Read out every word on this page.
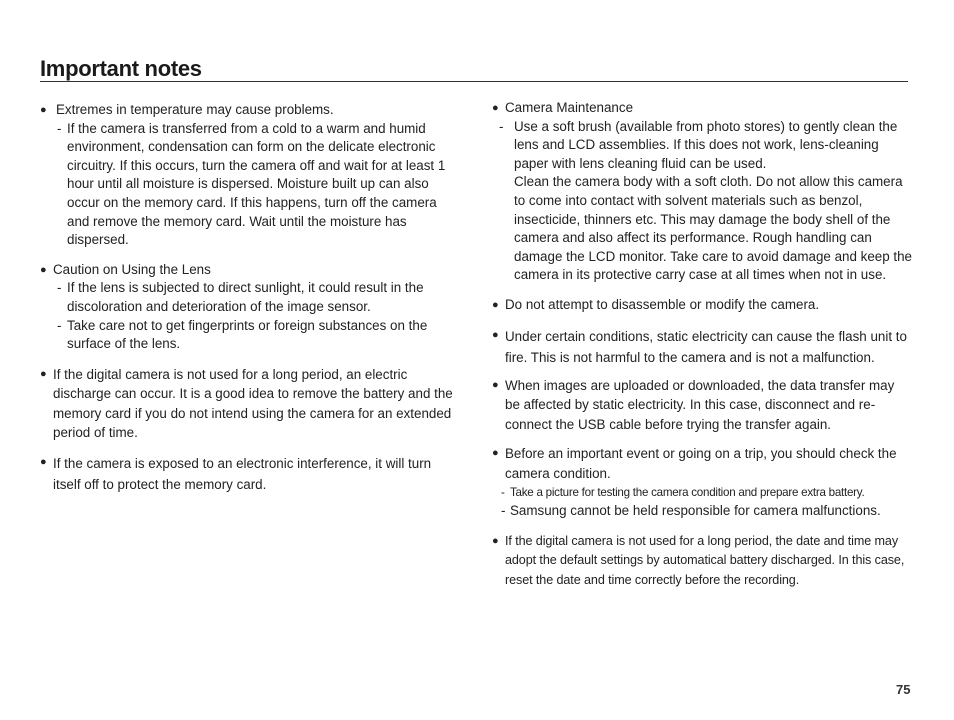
Important notes
● Extremes in temperature may cause problems.
- If the camera is transferred from a cold to a warm and humid environment, condensation can form on the delicate electronic circuitry. If this occurs, turn the camera off and wait for at least 1 hour until all moisture is dispersed. Moisture built up can also occur on the memory card. If this happens, turn off the camera and remove the memory card. Wait until the moisture has dispersed.
● Caution on Using the Lens
- If the lens is subjected to direct sunlight, it could result in the discoloration and deterioration of the image sensor.
- Take care not to get fingerprints or foreign substances on the surface of the lens.
● If the digital camera is not used for a long period, an electric discharge can occur. It is a good idea to remove the battery and the memory card if you do not intend using the camera for an extended period of time.
● If the camera is exposed to an electronic interference, it will turn itself off to protect the memory card.
● Camera Maintenance
- Use a soft brush (available from photo stores) to gently clean the lens and LCD assemblies. If this does not work, lens-cleaning paper with lens cleaning fluid can be used.
Clean the camera body with a soft cloth. Do not allow this camera to come into contact with solvent materials such as benzol, insecticide, thinners etc. This may damage the body shell of the camera and also affect its performance. Rough handling can damage the LCD monitor. Take care to avoid damage and keep the camera in its protective carry case at all times when not in use.
● Do not attempt to disassemble or modify the camera.
● Under certain conditions, static electricity can cause the flash unit to fire. This is not harmful to the camera and is not a malfunction.
● When images are uploaded or downloaded, the data transfer may be affected by static electricity. In this case, disconnect and re-connect the USB cable before trying the transfer again.
● Before an important event or going on a trip, you should check the camera condition.
- Take a picture for testing the camera condition and prepare extra battery.
- Samsung cannot be held responsible for camera malfunctions.
● If the digital camera is not used for a long period, the date and time may adopt the default settings by automatical battery discharged. In this case, reset the date and time correctly before the recording.
75
